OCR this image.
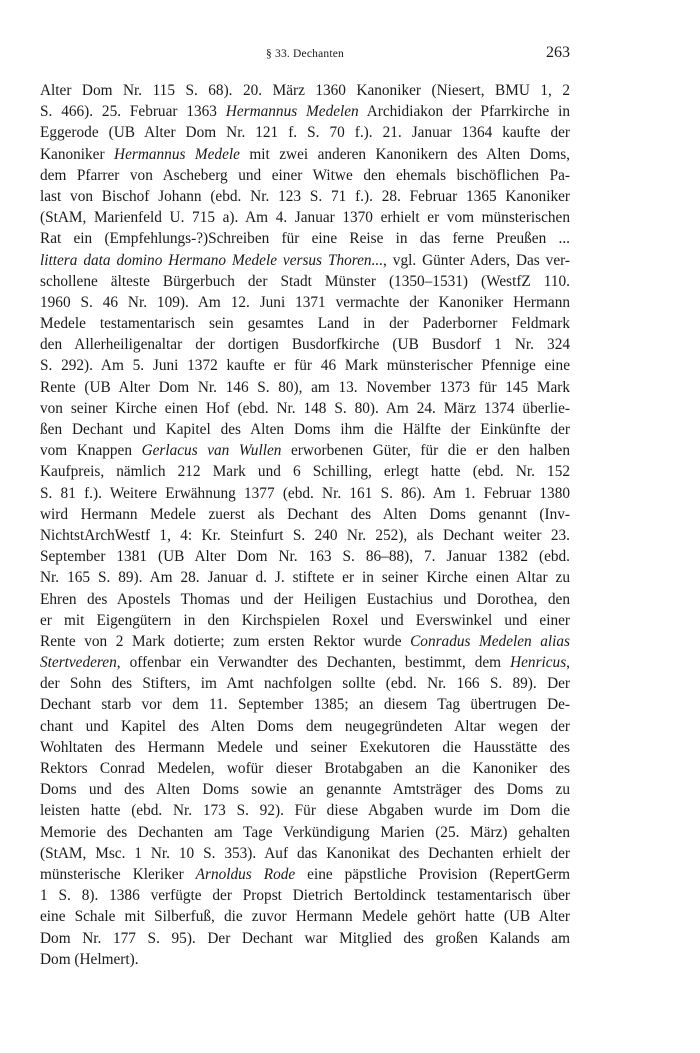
§ 33. Dechanten	263
Alter Dom Nr. 115 S. 68). 20. März 1360 Kanoniker (Niesert, BMU 1, 2
S. 466). 25. Februar 1363 Hermannus Medelen Archidiakon der Pfarrkirche in
Eggerode (UB Alter Dom Nr. 121 f. S. 70 f.). 21. Januar 1364 kaufte der
Kanoniker Hermannus Medele mit zwei anderen Kanonikern des Alten Doms,
dem Pfarrer von Ascheberg und einer Witwe den ehemals bischöflichen Pa-
last von Bischof Johann (ebd. Nr. 123 S. 71 f.). 28. Februar 1365 Kanoniker
(StAM, Marienfeld U. 715 a). Am 4. Januar 1370 erhielt er vom münsterischen
Rat ein (Empfehlungs-?)Schreiben für eine Reise in das ferne Preußen ...
littera data domino Hermano Medele versus Thoren..., vgl. Günter Aders, Das ver-
schollene älteste Bürgerbuch der Stadt Münster (1350–1531) (WestfZ 110.
1960 S. 46 Nr. 109). Am 12. Juni 1371 vermachte der Kanoniker Hermann
Medele testamentarisch sein gesamtes Land in der Paderborner Feldmark
den Allerheiligenaltar der dortigen Busdorfkirche (UB Busdorf 1 Nr. 324
S. 292). Am 5. Juni 1372 kaufte er für 46 Mark münsterischer Pfennige eine
Rente (UB Alter Dom Nr. 146 S. 80), am 13. November 1373 für 145 Mark
von seiner Kirche einen Hof (ebd. Nr. 148 S. 80). Am 24. März 1374 überlie-
ßen Dechant und Kapitel des Alten Doms ihm die Hälfte der Einkünfte der
vom Knappen Gerlacus van Wullen erworbenen Güter, für die er den halben
Kaufpreis, nämlich 212 Mark und 6 Schilling, erlegt hatte (ebd. Nr. 152
S. 81 f.). Weitere Erwähnung 1377 (ebd. Nr. 161 S. 86). Am 1. Februar 1380
wird Hermann Medele zuerst als Dechant des Alten Doms genannt (Inv-
NichtstArchWestf 1, 4: Kr. Steinfurt S. 240 Nr. 252), als Dechant weiter 23.
September 1381 (UB Alter Dom Nr. 163 S. 86–88), 7. Januar 1382 (ebd.
Nr. 165 S. 89). Am 28. Januar d. J. stiftete er in seiner Kirche einen Altar zu
Ehren des Apostels Thomas und der Heiligen Eustachius und Dorothea, den
er mit Eigengütern in den Kirchspielen Roxel und Everswinkel und einer
Rente von 2 Mark dotierte; zum ersten Rektor wurde Conradus Medelen alias
Stertvederen, offenbar ein Verwandter des Dechanten, bestimmt, dem Henricus,
der Sohn des Stifters, im Amt nachfolgen sollte (ebd. Nr. 166 S. 89). Der
Dechant starb vor dem 11. September 1385; an diesem Tag übertrugen De-
chant und Kapitel des Alten Doms dem neugegründeten Altar wegen der
Wohltaten des Hermann Medele und seiner Exekutoren die Hausstätte des
Rektors Conrad Medelen, wofür dieser Brotabgaben an die Kanoniker des
Doms und des Alten Doms sowie an genannte Amtsträger des Doms zu
leisten hatte (ebd. Nr. 173 S. 92). Für diese Abgaben wurde im Dom die
Memorie des Dechanten am Tage Verkündigung Marien (25. März) gehalten
(StAM, Msc. 1 Nr. 10 S. 353). Auf das Kanonikat des Dechanten erhielt der
münsterische Kleriker Arnoldus Rode eine päpstliche Provision (RepertGerm
1 S. 8). 1386 verfügte der Propst Dietrich Bertoldinck testamentarisch über
eine Schale mit Silberfuß, die zuvor Hermann Medele gehört hatte (UB Alter
Dom Nr. 177 S. 95). Der Dechant war Mitglied des großen Kalands am
Dom (Helmert).
